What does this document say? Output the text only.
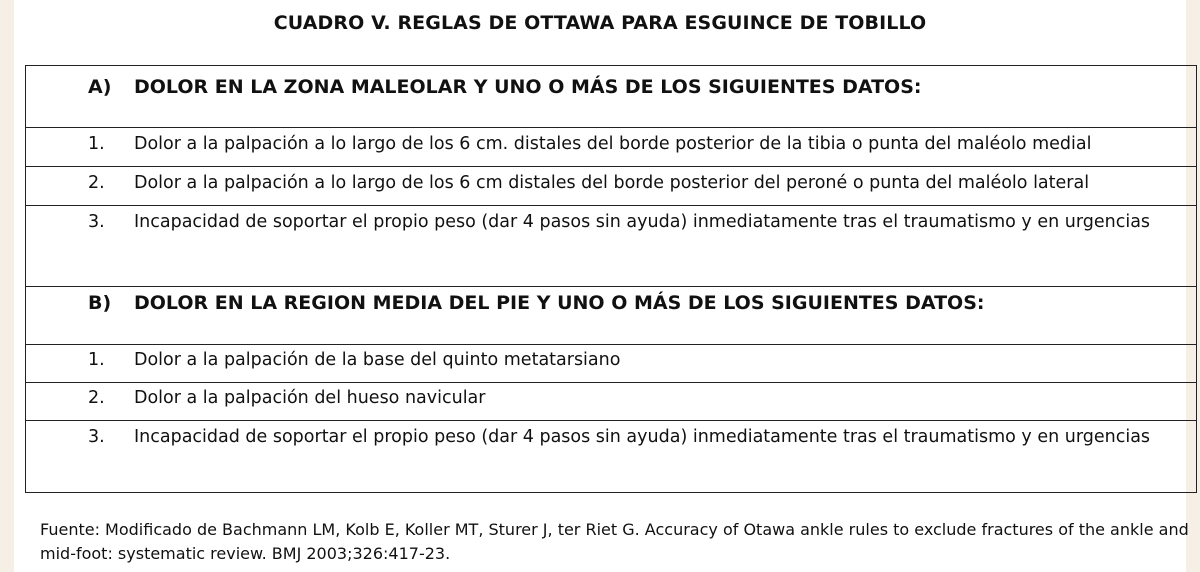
CUADRO V. REGLAS DE OTTAWA PARA ESGUINCE DE TOBILLO
A) DOLOR EN LA ZONA MALEOLAR Y UNO O MÁS DE LOS SIGUIENTES DATOS:
1. Dolor a la palpación a lo largo de los 6 cm. distales del borde posterior de la tibia o punta del maléolo medial
2. Dolor a la palpación a lo largo de los 6 cm distales del borde posterior del peroné o punta del maléolo lateral
3. Incapacidad de soportar el propio peso (dar 4 pasos sin ayuda) inmediatamente tras el traumatismo y en urgencias
B) DOLOR EN LA REGION MEDIA DEL PIE Y UNO O MÁS DE LOS SIGUIENTES DATOS:
1. Dolor a la palpación de la base del quinto metatarsiano
2. Dolor a la palpación del hueso navicular
3. Incapacidad de soportar el propio peso (dar 4 pasos sin ayuda) inmediatamente tras el traumatismo y en urgencias
Fuente: Modificado de Bachmann LM, Kolb E, Koller MT, Sturer J, ter Riet G. Accuracy of Otawa ankle rules to exclude fractures of the ankle and mid-foot: systematic review. BMJ 2003;326:417-23.
